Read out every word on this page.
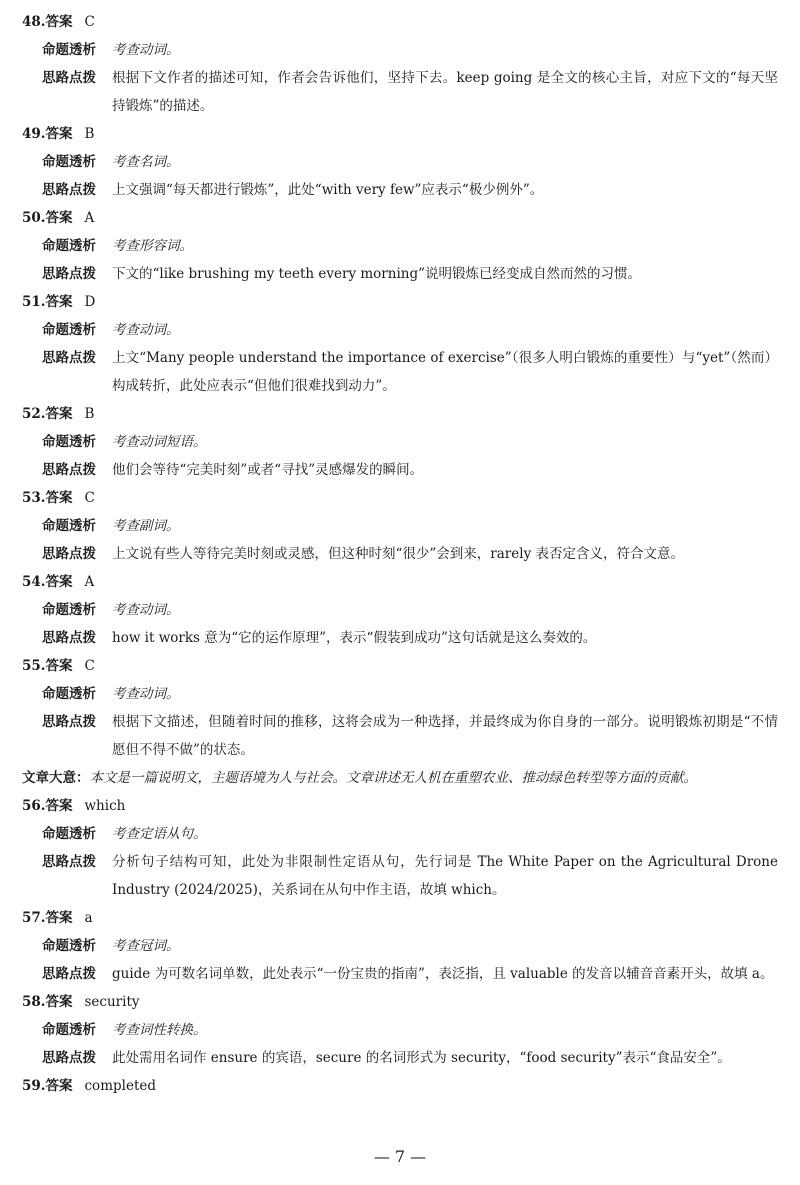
48.答案 C
命题透析 考查动词。
思路点拨 根据下文作者的描述可知，作者会告诉他们，坚持下去。keep going 是全文的核心主旨，对应下文的“每天坚持锻炼”的描述。
49.答案 B
命题透析 考查名词。
思路点拨 上文强调“每天都进行锻炼”，此处“with very few”应表示“极少例外”。
50.答案 A
命题透析 考查形容词。
思路点拨 下文的“like brushing my teeth every morning”说明锻炼已经变成自然而然的习惯。
51.答案 D
命题透析 考查动词。
思路点拨 上文“Many people understand the importance of exercise”（很多人明白锻炼的重要性）与“yet”（然而）构成转折，此处应表示“但他们很难找到动力”。
52.答案 B
命题透析 考查动词短语。
思路点拨 他们会等待“完美时刻”或者“寻找”灵感爆发的瞬间。
53.答案 C
命题透析 考查副词。
思路点拨 上文说有些人等待完美时刻或灵感，但这种时刻“很少”会到来，rarely 表否定含义，符合文意。
54.答案 A
命题透析 考查动词。
思路点拨 how it works 意为“它的运作原理”，表示“假装到成功”这句话就是这么奏效的。
55.答案 C
命题透析 考查动词。
思路点拨 根据下文描述，但随着时间的推移，这将会成为一种选择，并最终成为你自身的一部分。说明锻炼初期是“不情愿但不得不做”的状态。
文章大意：本文是一篇说明文，主题语境为人与社会。文章讲述无人机在重塑农业、推动绿色转型等方面的贡献。
56.答案 which
命题透析 考查定语从句。
思路点拨 分析句子结构可知，此处为非限制性定语从句，先行词是 The White Paper on the Agricultural Drone Industry (2024/2025)，关系词在从句中作主语，故填 which。
57.答案 a
命题透析 考查冠词。
思路点拨 guide 为可数名词单数，此处表示“一份宝贵的指南”，表泛指，且 valuable 的发音以辅音音素开头，故填 a。
58.答案 security
命题透析 考查词性转换。
思路点拨 此处需用名词作 ensure 的宾语，secure 的名词形式为 security，“food security”表示“食品安全”。
59.答案 completed
— 7 —
